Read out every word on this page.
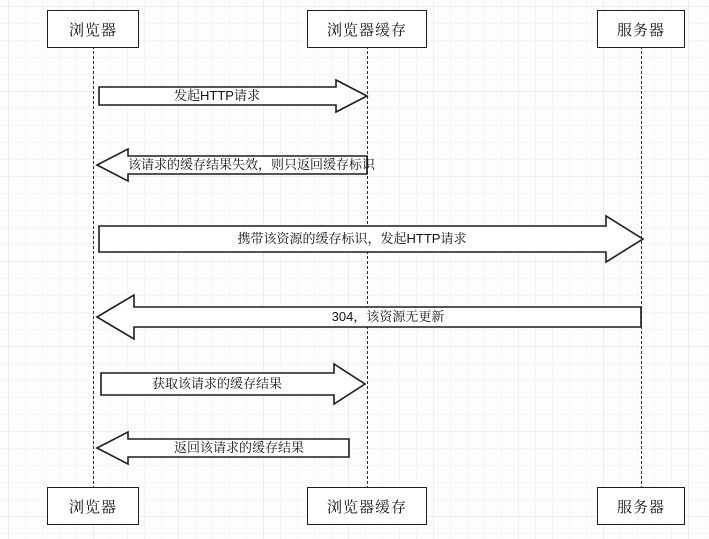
浏览器	浏览器缓存	服务器
浏览器	浏览器缓存	服务器
发起HTTP请求
该请求的缓存结果失效，则只返回缓存标识
携带该资源的缓存标识，发起HTTP请求
304，该资源无更新
获取该请求的缓存结果
返回该请求的缓存结果
